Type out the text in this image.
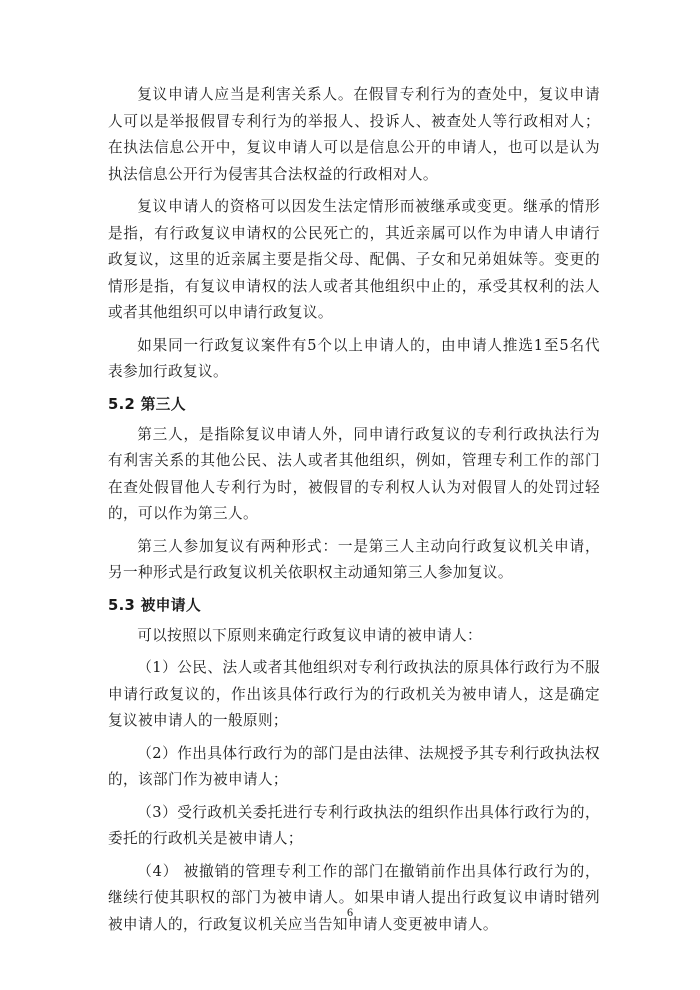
复议申请人应当是利害关系人。在假冒专利行为的查处中，复议申请人可以是举报假冒专利行为的举报人、投诉人、被查处人等行政相对人；在执法信息公开中，复议申请人可以是信息公开的申请人，也可以是认为执法信息公开行为侵害其合法权益的行政相对人。

复议申请人的资格可以因发生法定情形而被继承或变更。继承的情形是指，有行政复议申请权的公民死亡的，其近亲属可以作为申请人申请行政复议，这里的近亲属主要是指父母、配偶、子女和兄弟姐妹等。变更的情形是指，有复议申请权的法人或者其他组织中止的，承受其权利的法人或者其他组织可以申请行政复议。

如果同一行政复议案件有5个以上申请人的，由申请人推选1至5名代表参加行政复议。

5.2 第三人

第三人，是指除复议申请人外，同申请行政复议的专利行政执法行为有利害关系的其他公民、法人或者其他组织，例如，管理专利工作的部门在查处假冒他人专利行为时，被假冒的专利权人认为对假冒人的处罚过轻的，可以作为第三人。

第三人参加复议有两种形式：一是第三人主动向行政复议机关申请，另一种形式是行政复议机关依职权主动通知第三人参加复议。

5.3 被申请人

可以按照以下原则来确定行政复议申请的被申请人：

（1）公民、法人或者其他组织对专利行政执法的原具体行政行为不服申请行政复议的，作出该具体行政行为的行政机关为被申请人，这是确定复议被申请人的一般原则；

（2）作出具体行政行为的部门是由法律、法规授予其专利行政执法权的，该部门作为被申请人；

（3）受行政机关委托进行专利行政执法的组织作出具体行政行为的，委托的行政机关是被申请人；

（4） 被撤销的管理专利工作的部门在撤销前作出具体行政行为的，继续行使其职权的部门为被申请人。如果申请人提出行政复议申请时错列被申请人的，行政复议机关应当告知申请人变更被申请人。

6
